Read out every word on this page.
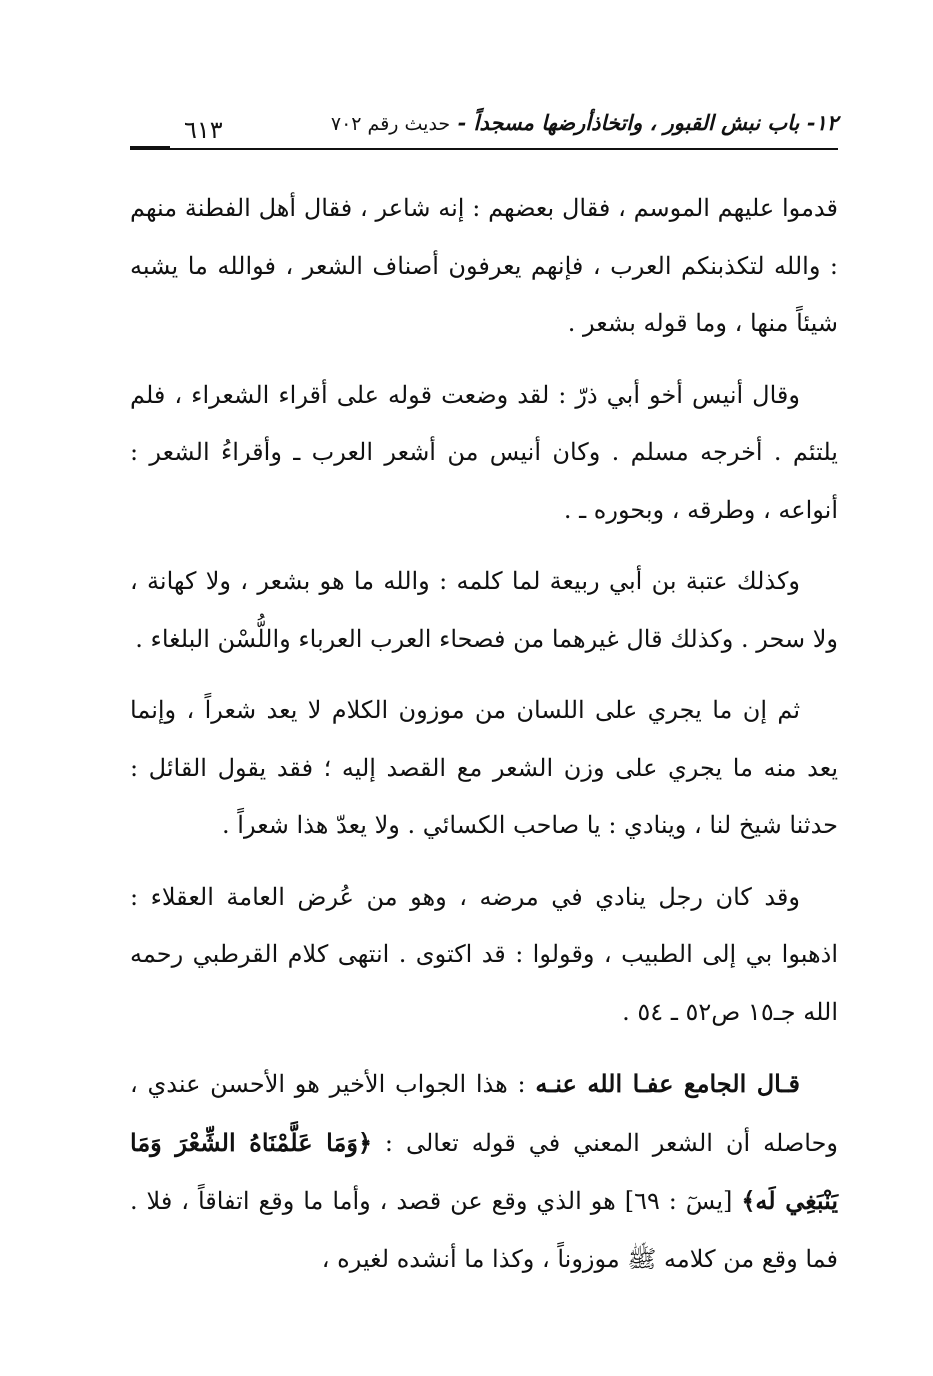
١٢- باب نبش القبور ، واتخاذأرضها مسجداً - حديث رقم ٧٠٢
٦١٣

قدموا عليهم الموسم ، فقال بعضهم : إنه شاعر ، فقال أهل الفطنة منهم : والله لتكذبنكم العرب ، فإنهم يعرفون أصناف الشعر ، فوالله ما يشبه شيئاً منها ، وما قوله بشعر .

وقال أنيس أخو أبي ذرّ : لقد وضعت قوله على أقراء الشعراء ، فلم يلتئم . أخرجه مسلم . وكان أنيس من أشعر العرب ـ وأقراءُ الشعر : أنواعه ، وطرقه ، وبحوره ـ .

وكذلك عتبة بن أبي ربيعة لما كلمه : والله ما هو بشعر ، ولا كهانة ، ولا سحر . وكذلك قال غيرهما من فصحاء العرب العرباء واللُّسْن البلغاء .

ثم إن ما يجري على اللسان من موزون الكلام لا يعد شعراً ، وإنما يعد منه ما يجري على وزن الشعر مع القصد إليه ؛ فقد يقول القائل : حدثنا شيخ لنا ، وينادي : يا صاحب الكسائي . ولا يعدّ هذا شعراً .

وقد كان رجل ينادي في مرضه ، وهو من عُرض العامة العقلاء : اذهبوا بي إلى الطبيب ، وقولوا : قد اكتوى . انتهى كلام القرطبي رحمه الله جـ١٥ ص٥٢ ـ ٥٤ .

قـال الجامع عفـا الله عنـه : هذا الجواب الأخير هو الأحسن عندي ، وحاصله أن الشعر المعني في قوله تعالى : ﴿وَمَا عَلَّمْنَاهُ الشِّعْرَ وَمَا يَنْبَغِي لَه﴾ [يسٓ : ٦٩] هو الذي وقع عن قصد ، وأما ما وقع اتفاقاً ، فلا . فما وقع من كلامه ﷺ موزوناً ، وكذا ما أنشده لغيره ،
